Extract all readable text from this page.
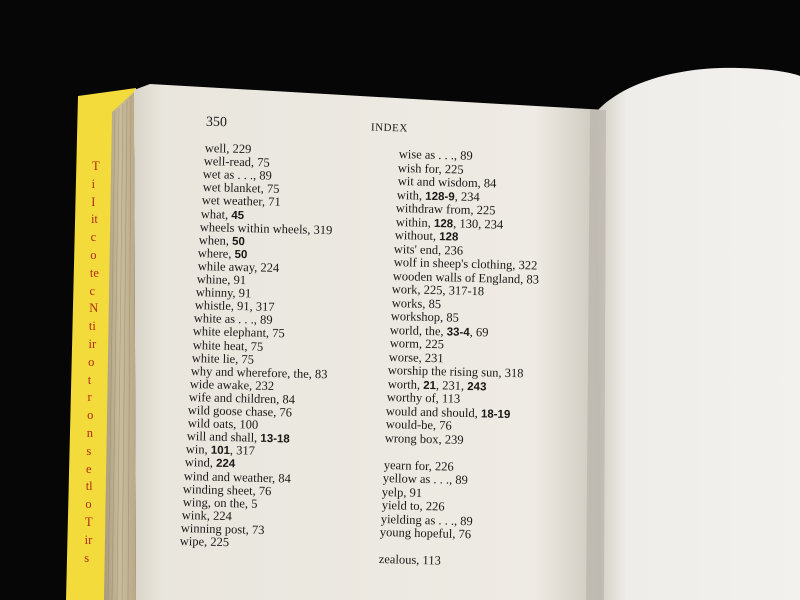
T
i
I
it
c
o
te
c
N
ti
ir
o
t
r
o
n
s
e
tl
o
T
ir
s
350	INDEX
well, 229
well-read, 75
wet as . . ., 89
wet blanket, 75
wet weather, 71
what, 45
wheels within wheels, 319
when, 50
where, 50
while away, 224
whine, 91
whinny, 91
whistle, 91, 317
white as . . ., 89
white elephant, 75
white heat, 75
white lie, 75
why and wherefore, the, 83
wide awake, 232
wife and children, 84
wild goose chase, 76
wild oats, 100
will and shall, 13-18
win, 101, 317
wind, 224
wind and weather, 84
winding sheet, 76
wing, on the, 5
wink, 224
winning post, 73
wipe, 225
wise as . . ., 89
wish for, 225
wit and wisdom, 84
with, 128-9, 234
withdraw from, 225
within, 128, 130, 234
without, 128
wits' end, 236
wolf in sheep's clothing, 322
wooden walls of England, 83
work, 225, 317-18
works, 85
workshop, 85
world, the, 33-4, 69
worm, 225
worse, 231
worship the rising sun, 318
worth, 21, 231, 243
worthy of, 113
would and should, 18-19
would-be, 76
wrong box, 239
yearn for, 226
yellow as . . ., 89
yelp, 91
yield to, 226
yielding as . . ., 89
young hopeful, 76
zealous, 113
